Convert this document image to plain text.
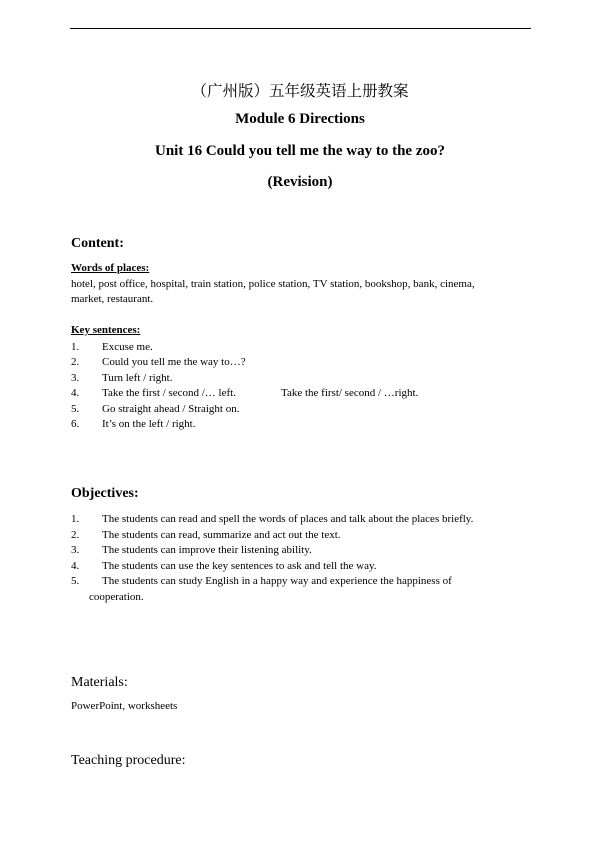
（广州版）五年级英语上册教案
Module 6 Directions
Unit 16 Could you tell me the way to the zoo?
(Revision)
Content:
Words of places:
hotel, post office, hospital, train station, police station, TV station, bookshop, bank, cinema,
market, restaurant.
Key sentences:
1. Excuse me.
2. Could you tell me the way to…?
3. Turn left / right.
4. Take the first / second /… left.	Take the first/ second / …right.
5. Go straight ahead / Straight on.
6. It’s on the left / right.
Objectives:
1. The students can read and spell the words of places and talk about the places briefly.
2. The students can read, summarize and act out the text.
3. The students can improve their listening ability.
4. The students can use the key sentences to ask and tell the way.
5. The students can study English in a happy way and experience the happiness of
cooperation.
Materials:
PowerPoint, worksheets
Teaching procedure:
